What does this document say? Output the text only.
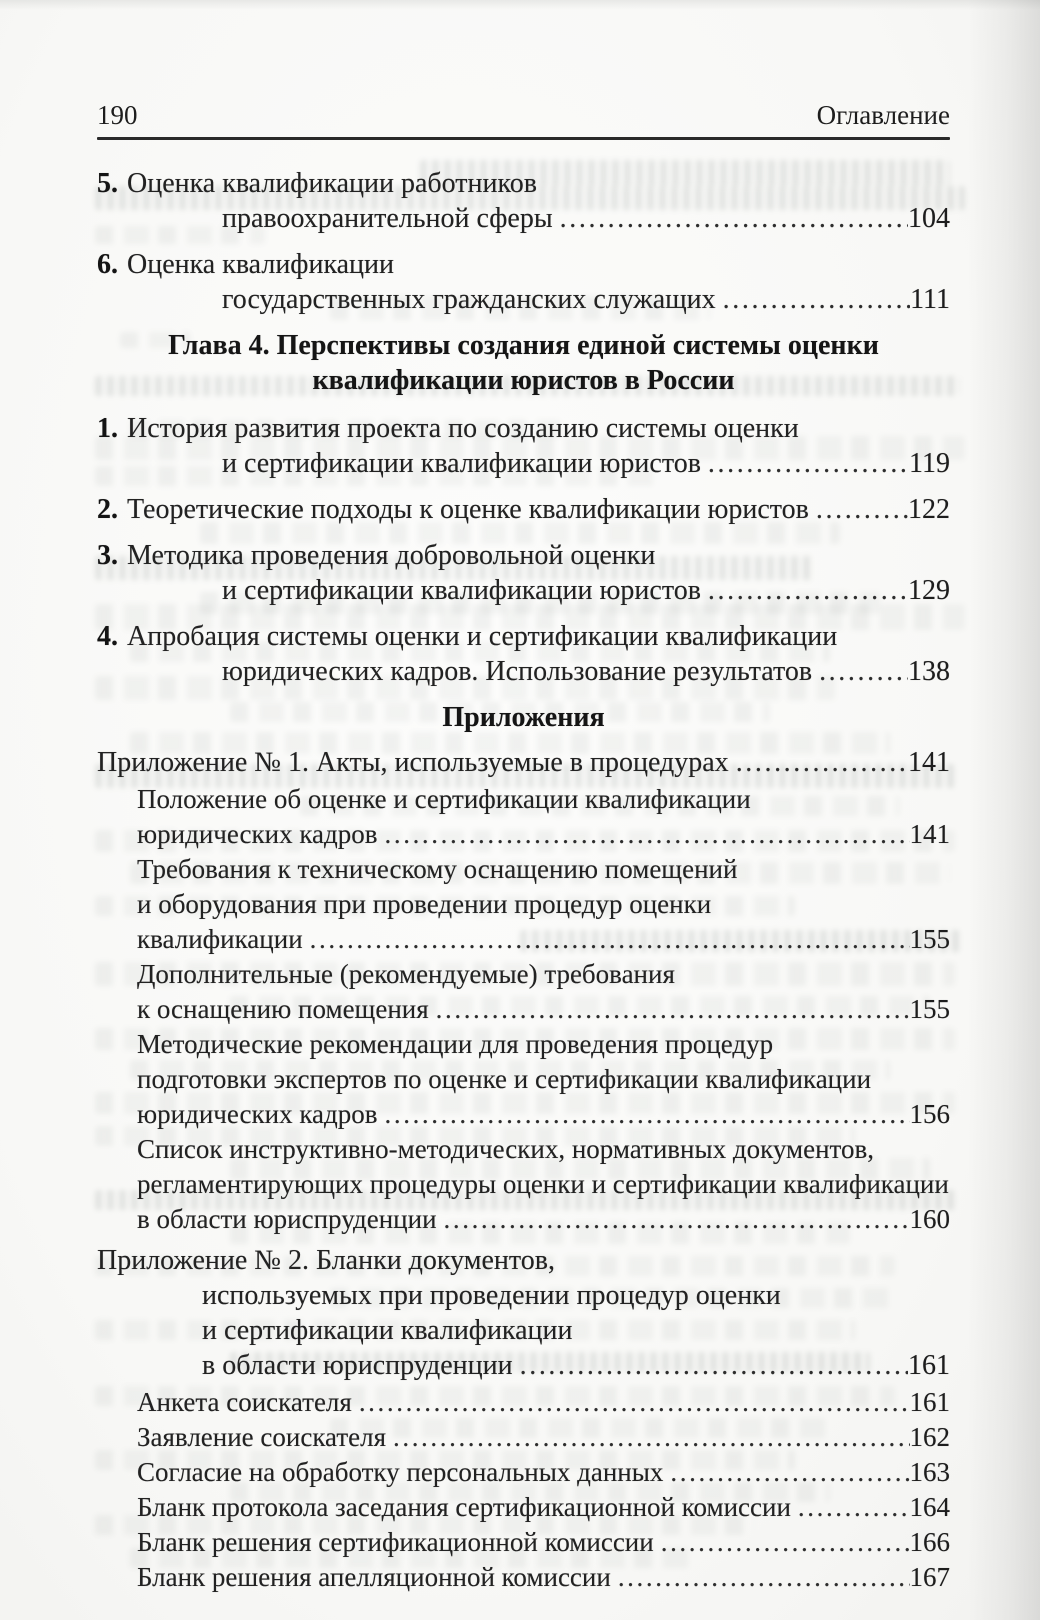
190	Оглавление
5. Оценка квалификации работников
правоохранительной сферы .....	104
6. Оценка квалификации
государственных гражданских служащих .....	111
Глава 4. Перспективы создания единой системы оценки
квалификации юристов в России
1. История развития проекта по созданию системы оценки
и сертификации квалификации юристов .....	119
2. Теоретические подходы к оценке квалификации юристов .....	122
3. Методика проведения добровольной оценки
и сертификации квалификации юристов .....	129
4. Апробация системы оценки и сертификации квалификации
юридических кадров. Использование результатов .....	138
Приложения
Приложение № 1. Акты, используемые в процедурах .....	141
Положение об оценке и сертификации квалификации
юридических кадров .....	141
Требования к техническому оснащению помещений
и оборудования при проведении процедур оценки
квалификации .....	155
Дополнительные (рекомендуемые) требования
к оснащению помещения .....	155
Методические рекомендации для проведения процедур
подготовки экспертов по оценке и сертификации квалификации
юридических кадров .....	156
Список инструктивно-методических, нормативных документов,
регламентирующих процедуры оценки и сертификации квалификации
в области юриспруденции .....	160
Приложение № 2. Бланки документов,
используемых при проведении процедур оценки
и сертификации квалификации
в области юриспруденции .....	161
Анкета соискателя .....	161
Заявление соискателя .....	162
Согласие на обработку персональных данных .....	163
Бланк протокола заседания сертификационной комиссии .....	164
Бланк решения сертификационной комиссии .....	166
Бланк решения апелляционной комиссии .....	167
